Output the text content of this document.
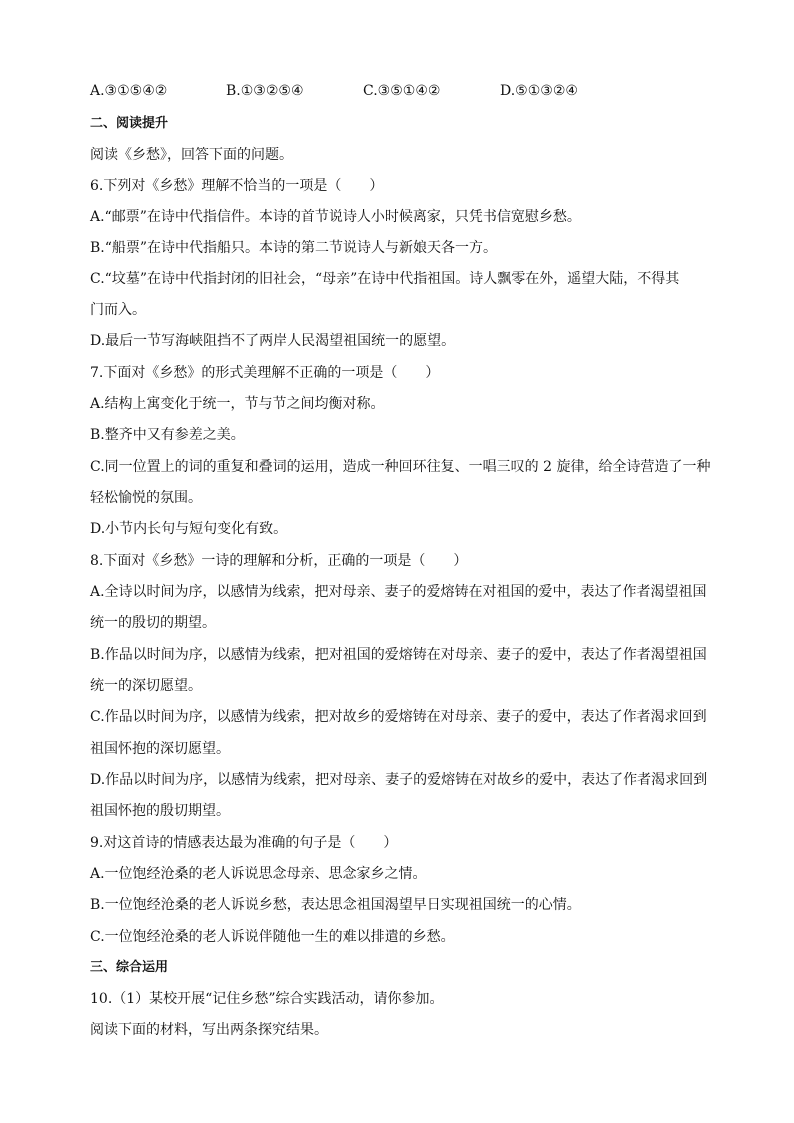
A.③①⑤④②	B.①③②⑤④	C.③⑤①④②	D.⑤①③②④
二、阅读提升
阅读《乡愁》，回答下面的问题。
6.下列对《乡愁》理解不恰当的一项是（　　）
A.“邮票”在诗中代指信件。本诗的首节说诗人小时候离家，只凭书信宽慰乡愁。
B.“船票”在诗中代指船只。本诗的第二节说诗人与新娘天各一方。
C.“坟墓”在诗中代指封闭的旧社会，“母亲”在诗中代指祖国。诗人飘零在外，遥望大陆，不得其
门而入。
D.最后一节写海峡阻挡不了两岸人民渴望祖国统一的愿望。
7.下面对《乡愁》的形式美理解不正确的一项是（　　）
A.结构上寓变化于统一，节与节之间均衡对称。
B.整齐中又有参差之美。
C.同一位置上的词的重复和叠词的运用，造成一种回环往复、一唱三叹的 2 旋律，给全诗营造了一种
轻松愉悦的氛围。
D.小节内长句与短句变化有致。
8.下面对《乡愁》一诗的理解和分析，正确的一项是（　　）
A.全诗以时间为序，以感情为线索，把对母亲、妻子的爱熔铸在对祖国的爱中，表达了作者渴望祖国
统一的殷切的期望。
B.作品以时间为序，以感情为线索，把对祖国的爱熔铸在对母亲、妻子的爱中，表达了作者渴望祖国
统一的深切愿望。
C.作品以时间为序，以感情为线索，把对故乡的爱熔铸在对母亲、妻子的爱中，表达了作者渴求回到
祖国怀抱的深切愿望。
D.作品以时间为序，以感情为线索，把对母亲、妻子的爱熔铸在对故乡的爱中，表达了作者渴求回到
祖国怀抱的殷切期望。
9.对这首诗的情感表达最为准确的句子是（　　）
A.一位饱经沧桑的老人诉说思念母亲、思念家乡之情。
B.一位饱经沧桑的老人诉说乡愁，表达思念祖国渴望早日实现祖国统一的心情。
C.一位饱经沧桑的老人诉说伴随他一生的难以排遣的乡愁。
三、综合运用
10.（1）某校开展“记住乡愁”综合实践活动，请你参加。
阅读下面的材料，写出两条探究结果。
